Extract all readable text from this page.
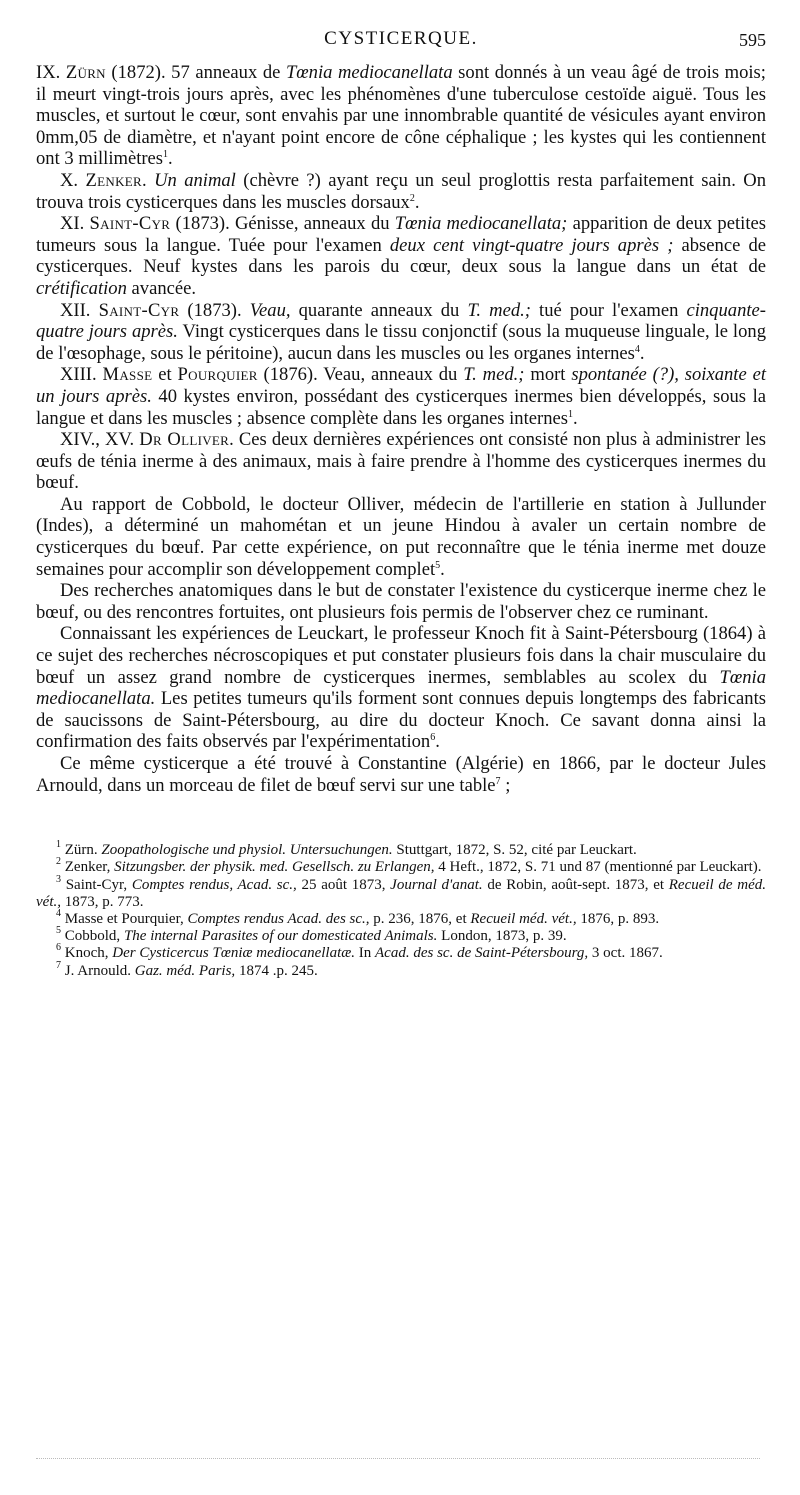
CYSTICERQUE.	595

IX. Zürn (1872). 57 anneaux de Tœnia mediocanellata sont donnés à un veau âgé de trois mois; il meurt vingt-trois jours après, avec les phénomènes d'une tuberculose cestoïde aiguë. Tous les muscles, et surtout le cœur, sont envahis par une innombrable quantité de vésicules ayant environ 0mm,05 de diamètre, et n'ayant point encore de cône céphalique ; les kystes qui les contiennent ont 3 millimètres$^1$.

X. Zenker. Un animal (chèvre ?) ayant reçu un seul proglottis resta parfaitement sain. On trouva trois cysticerques dans les muscles dorsaux$^2$.

XI. Saint-Cyr (1873). Génisse, anneaux du Tœnia mediocanellata; apparition de deux petites tumeurs sous la langue. Tuée pour l'examen deux cent vingt-quatre jours après ; absence de cysticerques. Neuf kystes dans les parois du cœur, deux sous la langue dans un état de crétification avancée.

XII. Saint-Cyr (1873). Veau, quarante anneaux du T. med.; tué pour l'examen cinquante-quatre jours après. Vingt cysticerques dans le tissu conjonctif (sous la muqueuse linguale, le long de l'œsophage, sous le péritoine), aucun dans les muscles ou les organes internes$^4$.

XIII. Masse et Pourquier (1876). Veau, anneaux du T. med.; mort spontanée (?), soixante et un jours après. 40 kystes environ, possédant des cysticerques inermes bien développés, sous la langue et dans les muscles ; absence complète dans les organes internes$^1$.

XIV., XV. Dr Olliver. Ces deux dernières expériences ont consisté non plus à administrer les œufs de ténia inerme à des animaux, mais à faire prendre à l'homme des cysticerques inermes du bœuf.

Au rapport de Cobbold, le docteur Olliver, médecin de l'artillerie en station à Jullunder (Indes), a déterminé un mahométan et un jeune Hindou à avaler un certain nombre de cysticerques du bœuf. Par cette expérience, on put reconnaître que le ténia inerme met douze semaines pour accomplir son développement complet$^5$.

Des recherches anatomiques dans le but de constater l'existence du cysticerque inerme chez le bœuf, ou des rencontres fortuites, ont plusieurs fois permis de l'observer chez ce ruminant.

Connaissant les expériences de Leuckart, le professeur Knoch fit à Saint-Pétersbourg (1864) à ce sujet des recherches nécroscopiques et put constater plusieurs fois dans la chair musculaire du bœuf un assez grand nombre de cysticerques inermes, semblables au scolex du Tœnia mediocanellata. Les petites tumeurs qu'ils forment sont connues depuis longtemps des fabricants de saucissons de Saint-Pétersbourg, au dire du docteur Knoch. Ce savant donna ainsi la confirmation des faits observés par l'expérimentation$^6$.

Ce même cysticerque a été trouvé à Constantine (Algérie) en 1866, par le docteur Jules Arnould, dans un morceau de filet de bœuf servi sur une table$^7$ ;

$^1$ Zürn. Zoopathologische und physiol. Untersuchungen. Stuttgart, 1872, S. 52, cité par Leuckart.

$^2$ Zenker, Sitzungsber. der physik. med. Gesellsch. zu Erlangen, 4 Heft., 1872, S. 71 und 87 (mentionné par Leuckart).

$^3$ Saint-Cyr, Comptes rendus, Acad. sc., 25 août 1873, Journal d'anat. de Robin, août-sept. 1873, et Recueil de méd. vét., 1873, p. 773.

$^4$ Masse et Pourquier, Comptes rendus Acad. des sc., p. 236, 1876, et Recueil méd. vét., 1876, p. 893.

$^5$ Cobbold, The internal Parasites of our domesticated Animals. London, 1873, p. 39.

$^6$ Knoch, Der Cysticercus Tœniæ mediocanellatæ. In Acad. des sc. de Saint-Pétersbourg, 3 oct. 1867.

$^7$ J. Arnould. Gaz. méd. Paris, 1874 .p. 245.
